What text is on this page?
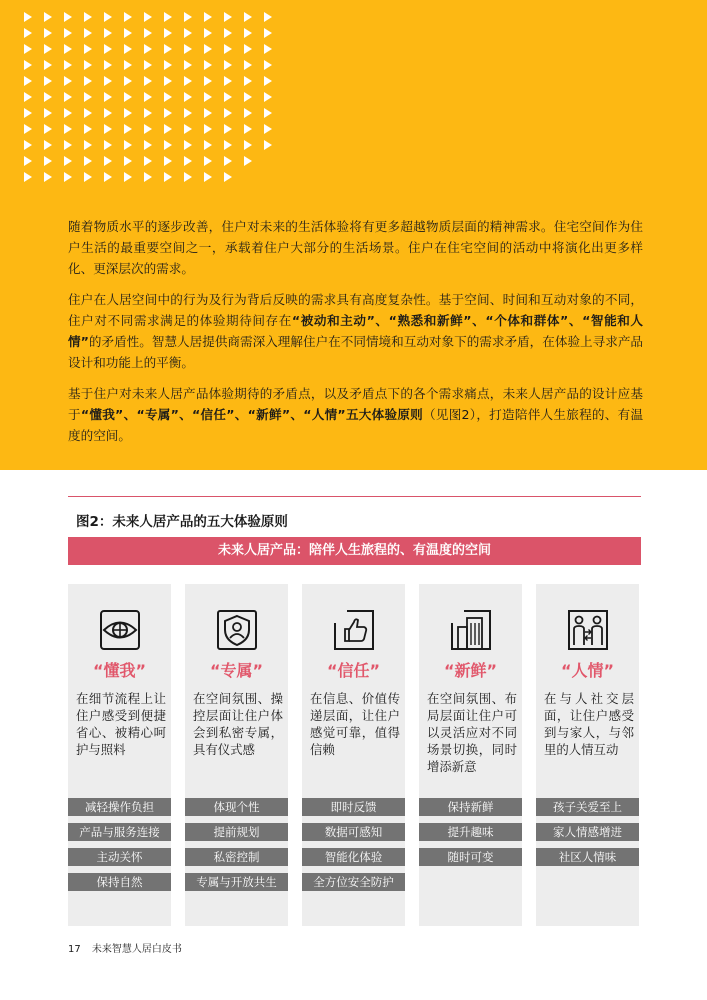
随着物质水平的逐步改善，住户对未来的生活体验将有更多超越物质层面的精神需求。住宅空间作为住户生活的最重要空间之一，承载着住户大部分的生活场景。住户在住宅空间的活动中将演化出更多样化、更深层次的需求。

住户在人居空间中的行为及行为背后反映的需求具有高度复杂性。基于空间、时间和互动对象的不同，住户对不同需求满足的体验期待间存在“被动和主动”、“熟悉和新鲜”、“个体和群体”、“智能和人情”的矛盾性。智慧人居提供商需深入理解住户在不同情境和互动对象下的需求矛盾，在体验上寻求产品设计和功能上的平衡。

基于住户对未来人居产品体验期待的矛盾点，以及矛盾点下的各个需求痛点，未来人居产品的设计应基于“懂我”、“专属”、“信任”、“新鲜”、“人情”五大体验原则（见图2），打造陪伴人生旅程的、有温度的空间。

图2：未来人居产品的五大体验原则
未来人居产品：陪伴人生旅程的、有温度的空间
“懂我”
在细节流程上让住户感受到便捷省心、被精心呵护与照料
减轻操作负担
产品与服务连接
主动关怀
保持自然
“专属”
在空间氛围、操控层面让住户体会到私密专属，具有仪式感
体现个性
提前规划
私密控制
专属与开放共生
“信任”
在信息、价值传递层面，让住户感觉可靠，值得信赖
即时反馈
数据可感知
智能化体验
全方位安全防护
“新鲜”
在空间氛围、布局层面让住户可以灵活应对不同场景切换，同时增添新意
保持新鲜
提升趣味
随时可变
“人情”
在与人社交层面，让住户感受到与家人，与邻里的人情互动
孩子关爱至上
家人情感增进
社区人情味
17 未来智慧人居白皮书
